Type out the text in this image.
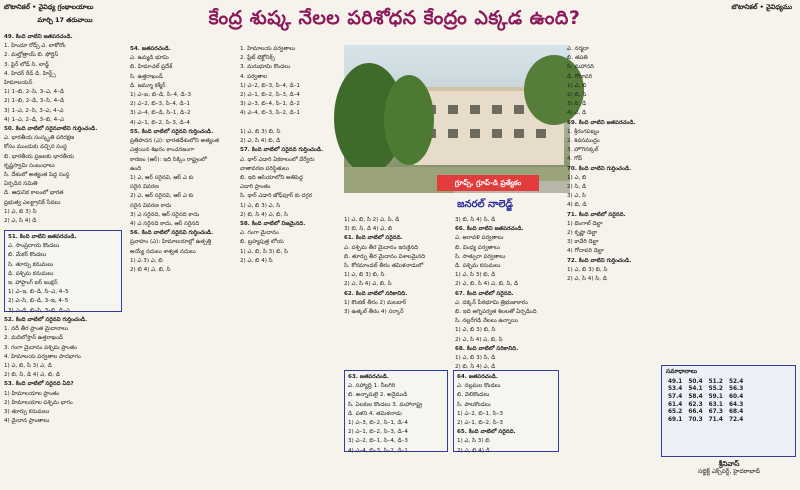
బొటానికల్ • వైవిధ్య గ్రంథాలయాలు
మార్చి 17 తరువాయి
బొటానికల్ • వైవిధ్యము
కేంద్ర శుష్క నేలల పరిశోధన కేంద్రం ఎక్కడ ఉంది?

49. కింది వాటిని జతపరచండి.

1. హిందూ రోడ్స్ ఎ. లాకోరోం

2. మల్హోత్రాయ్ బి. ఫోర్టిస్

3. ఫైర్ లోడ్ సి. లాడ్జ్

4. హిదర్ రీడ్ డి. హిన్డ్స్

హిమాలయన్

1) 1–బి, 2–సి, 3–ఎ, 4–డి

2) 1–బి, 2–డి, 3–సి, 4–డి

3) 1–ఎ, 2–సి, 3–ఎ, 4–ఎ

4) 1–ఎ, 2–డి, 3–బి, 4–ఎ

50. కింది వాటిలో సరైనవాటిని గుర్తించండి.

ఎ. భారతీయ సంస్కృతి పరిరక్షణ

కోసం ముందుకు వచ్చిన సంస్థ

బి. భారతీయ ప్రజలకు భారతీయ

కృష్ణస్వామి సంబంధాలు

సి. దేశంలో అత్యంత పెద్ద సంస్థ

ఏర్పడిన సమితి

డి. ఆధునిక కాలంలో భారత

ప్రభుత్వ ఎలక్ట్రానిక్ సేవలు

1) ఎ, బి 3) సి

2) ఎ, సి 4) డి

51. కింది వాటిని జతపరచండి.

ఎ. సాంప్రదాయ కొండలు

బి. మేకర్ కొండలు

సి. తూర్పు కనుమలు

డి. పశ్చిమ కనుమలు

ఇ. హాఫ్లాంగ్ ఐర్ జంక్షన్

1) ఎ–ఇ, బి–డి, సి–ఎ, 4–5

2) ఎ–సి, బి–డి, 3–ఇ, 4–5

3) ఎ–డి, బి–సి, 3–బి, డి–ఎ

52. కింది వాటిలో సరైనవి గుర్తించండి.

1. నదీ తీర ప్రాంత మైదానాలు

2. మదిలోస్తాన్ ఉత్తరాఖండ్

3. గంగా మైదానం పశ్చిమ ప్రాంతం

4. హిమాలయ పర్వతాల పాదభాగం

1) ఎ, బి, సి 3) ఎ, డి

2) బి, సి, డి 4) ఎ, బి, డి

53. కింది వాటిలో సరైనది ఏది?

1) హిమాలయాల ప్రాంతం

2) హిమాలయాల పశ్చిమ భాగం

3) తూర్పు కనుమలు

4) మైదాన ప్రాంతాలు

54. జతపరచండి.

ఎ. ఉమ్మడి భూమి

బి. హిమాచల్ ప్రదేశ్

సి. ఉత్తరాఖండ్

డి. జమ్మూ కశ్మీర్

1) ఎ–ఐ, బి–డి, సి–4, డి–3

2) ఎ–2, బి–3, సి–4, డి–1

3) ఎ–4, బి–డి, సి–1, డి–2

4) ఎ–1, బి–2, సి–3, డి–4

1. హిమాలయ పర్వతాలు

2. ప్లేట్ టెక్టోనిక్స్

3. మరుభూమి కొండలు

4. పర్వతాల

1) ఎ–2, బి–3, సి–4, డి–1

2) ఎ–1, బి–2, సి–3, డి–4

3) ఎ–3, బి–4, సి–1, డి–2

4) ఎ–4, బి–3, సి–2, డి–1

55. కింది వాటిలో సరైనవి గుర్తించండి.

ప్రతిపాదన (ఎ): భారతదేశంలోని అత్యంత

ఎత్తయిన శిఖరం కాంచనజంగా

కారణం (ఆర్): ఇది సిక్కిం రాష్ట్రంలో

ఉంది

1) ఎ, ఆర్ సరైనవి, ఆర్ ఎ కు

సరైన వివరణ

2) ఎ, ఆర్ సరైనవి, ఆర్ ఎ కు

సరైన వివరణ కాదు

3) ఎ సరైనది, ఆర్ సరైనది కాదు

4) ఎ సరైనది కాదు, ఆర్ సరైనది

56. కింది వాటిలో సరైనవి గుర్తించండి.

ప్రవాహం (ఎ): హిమాలయాల్లో ఉత్పత్తి

అయ్యే నదులు శాశ్వత నదులు

1) ఎ 3) ఎ, బి

2) బి 4) ఎ, బి, సి

1) ఎ, బి 3) బి, సి

2) ఎ, సి 4) బి, డి

57. కింది వాటిలో సరైనది గుర్తించండి.

ఎ. థార్ ఎడారి ఏకకాలంలో వేర్వేరు

వాతావరణ పరిస్థితులు

బి. ఇది ఆసియాలోని అతిపెద్ద

ఎడారి ప్రాంతం

సి. థార్ ఎడారి జోధ్‌పూర్ కు దగ్గర

1) ఎ, బి 3) ఎ, సి

2) బి, సి 4) ఎ, బి, సి

58. కింది వాటిలో నిజమైనది.

ఎ. గంగా మైదానం

బి. బ్రహ్మపుత్ర లోయ

1) ఎ, బి, సి 3) బి, సి

2) ఎ, బి 4) సి

గ్రూప్స్, గ్రూప్-డి ప్రత్యేకం
జనరల్ నాలెడ్జ్

1) ఎ, బి, సి 2) ఎ, సి, డి

3) బి, సి, డి 4) ఎ, బి

61. కింది వాటిలో సరైనది.

ఎ. పశ్చిమ తీర మైదానం ఇరుకైనది

బి. తూర్పు తీర మైదానం విశాలమైనది

సి. కోరమాండల్ తీరం తమిళనాడులో

1) ఎ, బి 3) బి, సి

2) ఎ, సి 4) ఎ, బి, సి

62. కింది వాటిలో సరికానిది.

1) కొంకణ్ తీరం 2) మలబార్

3) ఉత్కల్ తీరం 4) సర్కార్

3) బి, సి 4) సి, డి

66. కింది వాటిని జతపరచండి.

ఎ. అరావళి పర్వతాలు

బి. వింధ్య పర్వతాలు

సి. సాత్పురా పర్వతాలు

డి. పశ్చిమ కనుమలు

1) ఎ, సి 3) బి, డి

2) ఎ, బి, సి 4) ఎ, బి, సి, డి

67. కింది వాటిలో సరైనది.

ఎ. దక్కన్ పీఠభూమి త్రిభుజాకారం

బి. ఇది అగ్నిపర్వత శిలలతో ఏర్పడింది

సి. నల్లరేగడి నేలలు ఉన్నాయి

1) ఎ, బి 3) బి, సి

2) ఎ, సి 4) ఎ, బి, సి

68. కింది వాటిలో సరికానిది.

1) ఎ, బి 3) సి, డి

2) బి, సి 4) ఎ, డి

63. జతపరచండి.

ఎ. సహ్యాద్రి 1. నీలగిరి

బి. అన్నామలై 2. అనైముడి

సి. ఏలకుల కొండలు 3. మహారాష్ట్ర

డి. పళని 4. తమిళనాడు

1) ఎ–3, బి–2, సి–1, డి–4

2) ఎ–1, బి–2, సి–3, డి–4

3) ఎ–2, బి–1, సి–4, డి–3

4) ఎ–4, బి–3, సి–2, డి–1

64. జతపరచండి.

ఎ. నల్లమల కొండలు

బి. వెలికొండలు

సి. పాలకొండలు

1) ఎ–2, బి–1, సి–3

2) ఎ–1, బి–2, సి–3

65. కింది వాటిలో సరైనది.

1) ఎ, సి 3) బి

2) ఎ, బి 4) డి

ఎ. నర్మదా

బి. తపతి

సి. మహానది

డి. గోదావరి

1) ఎ, బి

2) బి, సి

3) సి, డి

4) ఎ, డి

69. కింది వాటిని జతపరచండి.

1. శ్రీరంగపట్నం

2. శివసముద్రం

3. హొగెనక్కల్

4. గోవ్

70. కింది వాటిని గుర్తించండి.

1) ఎ, బి

2) సి, డి

3) ఎ, సి

4) బి, డి

71. కింది వాటిలో సరైనది.

1) బెంగాల్ డెల్టా

2) కృష్ణా డెల్టా

3) కావేరి డెల్టా

4) గోదావరి డెల్టా

72. కింది వాటిని గుర్తించండి.

1) ఎ, బి 3) బి, సి

2) ఎ, సి 4) సి, డి

సమాధానాలు
49.1	50.4	51.2	52.4
53.4	54.1	55.2	56.3
57.4	58.4	59.1	60.4
61.4	62.3	63.1	64.3
65.2	66.4	67.3	68.4
69.1	70.3	71.4	72.4
శ్రీనివాస్
సబ్జెక్ట్ ఎక్స్‌పర్ట్, హైదరాబాద్
